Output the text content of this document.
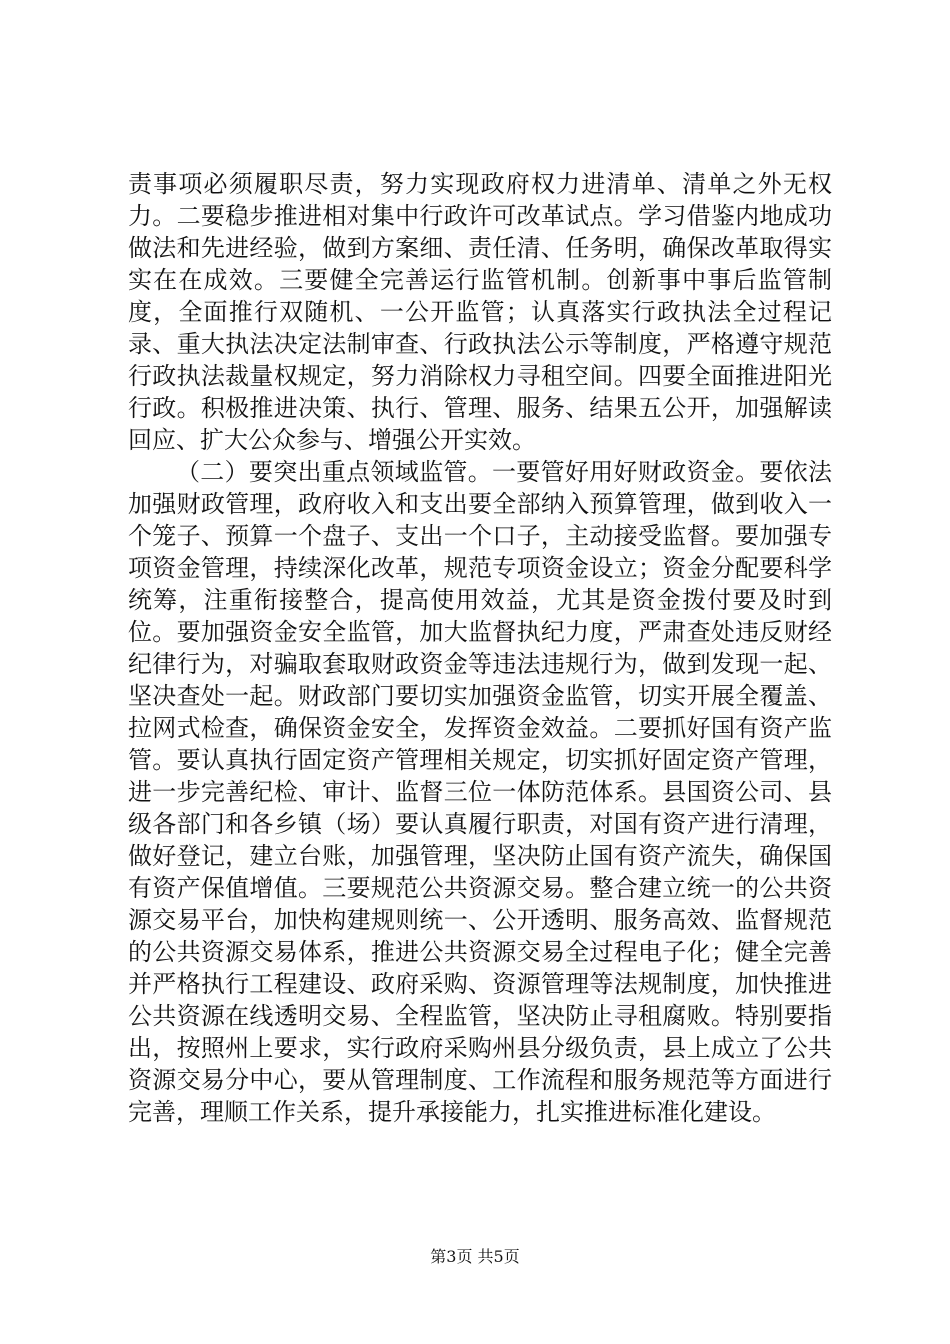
责事项必须履职尽责，努力实现政府权力进清单、清单之外无权力。二要稳步推进相对集中行政许可改革试点。学习借鉴内地成功做法和先进经验，做到方案细、责任清、任务明，确保改革取得实实在在成效。三要健全完善运行监管机制。创新事中事后监管制度，全面推行双随机、一公开监管；认真落实行政执法全过程记录、重大执法决定法制审查、行政执法公示等制度，严格遵守规范行政执法裁量权规定，努力消除权力寻租空间。四要全面推进阳光行政。积极推进决策、执行、管理、服务、结果五公开，加强解读回应、扩大公众参与、增强公开实效。

（二）要突出重点领域监管。一要管好用好财政资金。要依法加强财政管理，政府收入和支出要全部纳入预算管理，做到收入一个笼子、预算一个盘子、支出一个口子，主动接受监督。要加强专项资金管理，持续深化改革，规范专项资金设立；资金分配要科学统筹，注重衔接整合，提高使用效益，尤其是资金拨付要及时到位。要加强资金安全监管，加大监督执纪力度，严肃查处违反财经纪律行为，对骗取套取财政资金等违法违规行为，做到发现一起、坚决查处一起。财政部门要切实加强资金监管，切实开展全覆盖、拉网式检查，确保资金安全，发挥资金效益。二要抓好国有资产监管。要认真执行固定资产管理相关规定，切实抓好固定资产管理，进一步完善纪检、审计、监督三位一体防范体系。县国资公司、县级各部门和各乡镇（场）要认真履行职责，对国有资产进行清理，做好登记，建立台账，加强管理，坚决防止国有资产流失，确保国有资产保值增值。三要规范公共资源交易。整合建立统一的公共资源交易平台，加快构建规则统一、公开透明、服务高效、监督规范的公共资源交易体系，推进公共资源交易全过程电子化；健全完善并严格执行工程建设、政府采购、资源管理等法规制度，加快推进公共资源在线透明交易、全程监管，坚决防止寻租腐败。特别要指出，按照州上要求，实行政府采购州县分级负责，县上成立了公共资源交易分中心，要从管理制度、工作流程和服务规范等方面进行完善，理顺工作关系，提升承接能力，扎实推进标准化建设。

第3页 共5页
